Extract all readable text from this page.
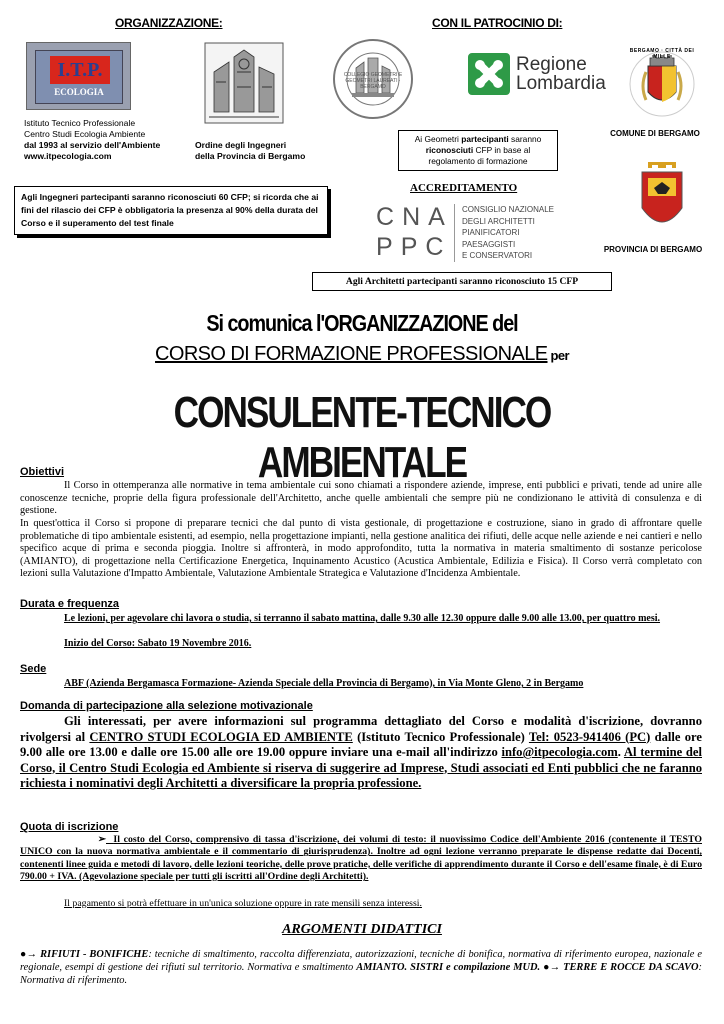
ORGANIZZAZIONE:	CON IL PATROCINIO DI:
I.T.P.
ECOLOGIA
COLLEGIO GEOMETRI E GEOMETRI LAUREATI · BERGAMO
Regione
Lombardia
BERGAMO · CITTÀ DEI MILLE
Istituto Tecnico Professionale
Centro Studi Ecologia Ambiente
dal 1993 al servizio dell'Ambiente
www.itpecologia.com
Ordine degli Ingegneri
della Provincia di Bergamo
COMUNE DI BERGAMO
Ai Geometri partecipanti saranno riconosciuti CFP in base al regolamento di formazione
Agli Ingegneri partecipanti saranno riconosciuti 60 CFP; si ricorda che ai fini del rilascio dei CFP è obbligatoria la presenza al 90% della durata del Corso e il superamento del test finale
ACCREDITAMENTO
CNA
PPC
CONSIGLIO NAZIONALE
DEGLI ARCHITETTI
PIANIFICATORI
PAESAGGISTI
E CONSERVATORI
PROVINCIA DI BERGAMO
Agli Architetti partecipanti saranno riconosciuto 15 CFP
Si comunica l'ORGANIZZAZIONE del
CORSO DI FORMAZIONE PROFESSIONALE per
CONSULENTE-TECNICO AMBIENTALE
Obiettivi
Il Corso in ottemperanza alle normative in tema ambientale cui sono chiamati a rispondere aziende, imprese, enti pubblici e privati, tende ad unire alle conoscenze tecniche, proprie della figura professionale dell'Architetto, anche quelle ambientali che sempre più ne condizionano le attività di consulenza e di gestione.
In quest'ottica il Corso si propone di preparare tecnici che dal punto di vista gestionale, di progettazione e costruzione, siano in grado di affrontare quelle problematiche di tipo ambientale esistenti, ad esempio, nella progettazione impianti, nella gestione analitica dei rifiuti, delle acque nelle aziende e nei cantieri e nello specifico acque di prima e seconda pioggia. Inoltre si affronterà, in modo approfondito, tutta la normativa in materia smaltimento di sostanze pericolose (AMIANTO), di progettazione nella Certificazione Energetica, Inquinamento Acustico (Acustica Ambientale, Edilizia e Fisica). Il Corso verrà completato con lezioni sulla Valutazione d'Impatto Ambientale, Valutazione Ambientale Strategica e Valutazione d'Incidenza Ambientale.
Durata e frequenza
Le lezioni, per agevolare chi lavora o studia, si terranno il sabato mattina, dalle 9.30 alle 12.30 oppure dalle 9.00 alle 13.00, per quattro mesi.
Inizio del Corso: Sabato 19 Novembre 2016.
Sede
ABF (Azienda Bergamasca Formazione- Azienda Speciale della Provincia di Bergamo), in Via Monte Gleno, 2 in Bergamo
Domanda di partecipazione alla selezione motivazionale
Gli interessati, per avere informazioni sul programma dettagliato del Corso e modalità d'iscrizione, dovranno rivolgersi al CENTRO STUDI ECOLOGIA ED AMBIENTE (Istituto Tecnico Professionale) Tel: 0523-941406 (PC) dalle ore 9.00 alle ore 13.00 e dalle ore 15.00 alle ore 19.00 oppure inviare una e-mail all'indirizzo info@itpecologia.com. Al termine del Corso, il Centro Studi Ecologia ed Ambiente si riserva di suggerire ad Imprese, Studi associati ed Enti pubblici che ne faranno richiesta i nominativi degli Architetti a diversificare la propria professione.
Quota di iscrizione
➢ Il costo del Corso, comprensivo di tassa d'iscrizione, dei volumi di testo: il nuovissimo Codice dell'Ambiente 2016 (contenente il TESTO UNICO con la nuova normativa ambientale e il commentario di giurisprudenza). Inoltre ad ogni lezione verranno preparate le dispense redatte dai Docenti, contenenti linee guida e metodi di lavoro, delle lezioni teoriche, delle prove pratiche, delle verifiche di apprendimento durante il Corso e dell'esame finale, è di Euro 790.00 + IVA. (Agevolazione speciale per tutti gli iscritti all'Ordine degli Architetti).
Il pagamento si potrà effettuare in un'unica soluzione oppure in rate mensili senza interessi.
ARGOMENTI DIDATTICI
●→ RIFIUTI - BONIFICHE: tecniche di smaltimento, raccolta differenziata, autorizzazioni, tecniche di bonifica, normativa di riferimento europea, nazionale e regionale, esempi di gestione dei rifiuti sul territorio. Normativa e smaltimento AMIANTO. SISTRI e compilazione MUD. ●→ TERRE E ROCCE DA SCAVO: Normativa di riferimento.
